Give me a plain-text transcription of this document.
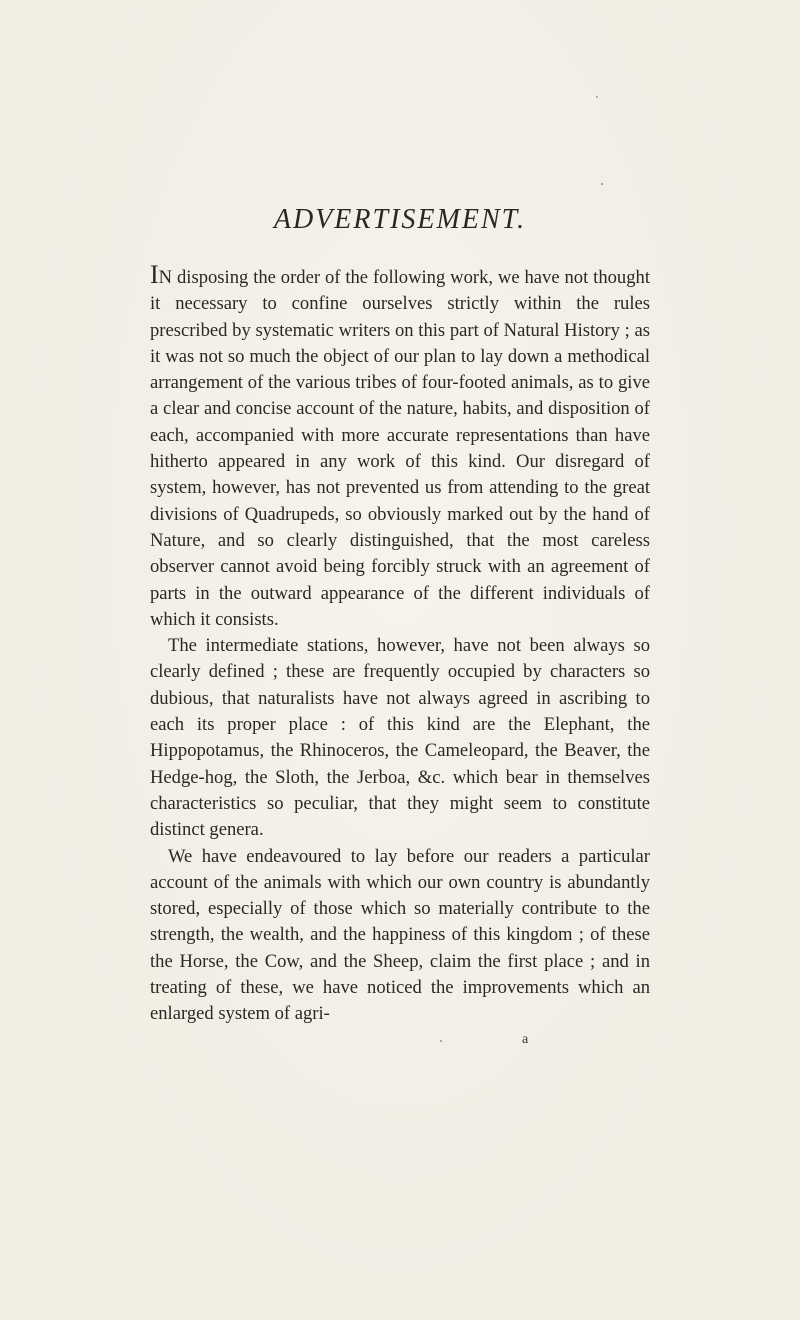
ADVERTISEMENT.

IN disposing the order of the following work, we have not thought it necessary to confine ourselves strictly within the rules prescribed by systematic writers on this part of Natural History ; as it was not so much the object of our plan to lay down a methodical arrangement of the various tribes of four-footed animals, as to give a clear and concise account of the nature, habits, and disposition of each, accompanied with more accurate representations than have hitherto appeared in any work of this kind. Our disregard of system, however, has not prevented us from attending to the great divisions of Quadrupeds, so obviously marked out by the hand of Nature, and so clearly distinguished, that the most careless observer cannot avoid being forcibly struck with an agreement of parts in the outward appearance of the different individuals of which it consists.

The intermediate stations, however, have not been always so clearly defined ; these are frequently occupied by characters so dubious, that naturalists have not always agreed in ascribing to each its proper place : of this kind are the Elephant, the Hippopotamus, the Rhinoceros, the Cameleopard, the Beaver, the Hedge-hog, the Sloth, the Jerboa, &c. which bear in themselves characteristics so peculiar, that they might seem to constitute distinct genera.

We have endeavoured to lay before our readers a particular account of the animals with which our own country is abundantly stored, especially of those which so materially contribute to the strength, the wealth, and the happiness of this kingdom ; of these the Horse, the Cow, and the Sheep, claim the first place ; and in treating of these, we have noticed the improvements which an enlarged system of agri-

a
